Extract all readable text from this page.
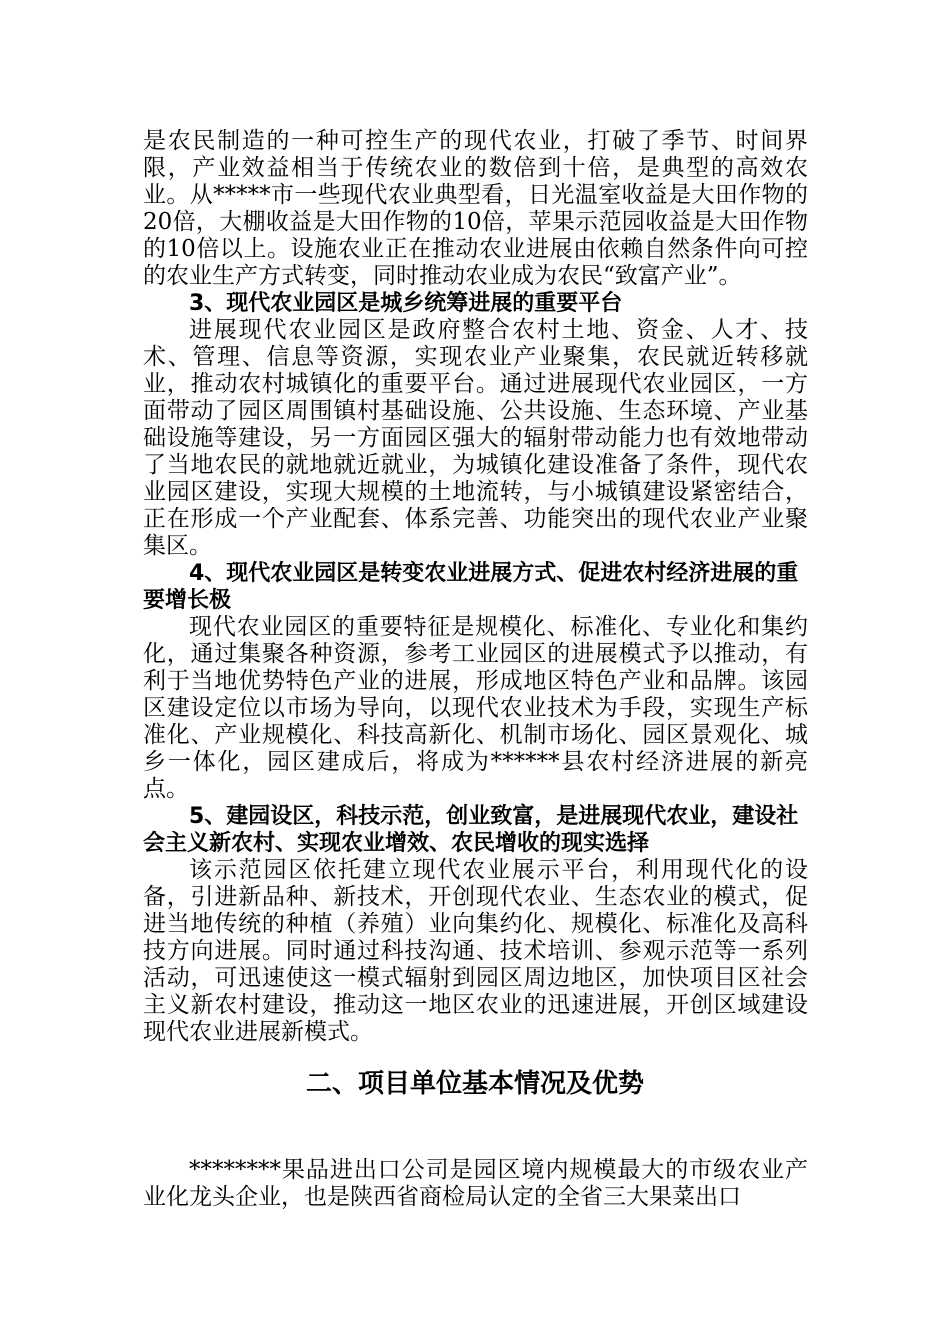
是农民制造的一种可控生产的现代农业，打破了季节、时间界限，产业效益相当于传统农业的数倍到十倍，是典型的高效农业。从*****市一些现代农业典型看，日光温室收益是大田作物的20倍，大棚收益是大田作物的10倍，苹果示范园收益是大田作物的10倍以上。设施农业正在推动农业进展由依赖自然条件向可控的农业生产方式转变，同时推动农业成为农民“致富产业”。

3、现代农业园区是城乡统筹进展的重要平台

进展现代农业园区是政府整合农村土地、资金、人才、技术、管理、信息等资源，实现农业产业聚集，农民就近转移就业，推动农村城镇化的重要平台。通过进展现代农业园区，一方面带动了园区周围镇村基础设施、公共设施、生态环境、产业基础设施等建设，另一方面园区强大的辐射带动能力也有效地带动了当地农民的就地就近就业，为城镇化建设准备了条件，现代农业园区建设，实现大规模的土地流转，与小城镇建设紧密结合，正在形成一个产业配套、体系完善、功能突出的现代农业产业聚集区。

4、现代农业园区是转变农业进展方式、促进农村经济进展的重要增长极

现代农业园区的重要特征是规模化、标准化、专业化和集约化，通过集聚各种资源，参考工业园区的进展模式予以推动，有利于当地优势特色产业的进展，形成地区特色产业和品牌。该园区建设定位以市场为导向，以现代农业技术为手段，实现生产标准化、产业规模化、科技高新化、机制市场化、园区景观化、城乡一体化，园区建成后，将成为******县农村经济进展的新亮点。

5、建园设区，科技示范，创业致富，是进展现代农业，建设社会主义新农村、实现农业增效、农民增收的现实选择

该示范园区依托建立现代农业展示平台，利用现代化的设备，引进新品种、新技术，开创现代农业、生态农业的模式，促进当地传统的种植（养殖）业向集约化、规模化、标准化及高科技方向进展。同时通过科技沟通、技术培训、参观示范等一系列活动，可迅速使这一模式辐射到园区周边地区，加快项目区社会主义新农村建设，推动这一地区农业的迅速进展，开创区域建设现代农业进展新模式。

二、项目单位基本情况及优势

********果品进出口公司是园区境内规模最大的市级农业产业化龙头企业，也是陕西省商检局认定的全省三大果菜出口
